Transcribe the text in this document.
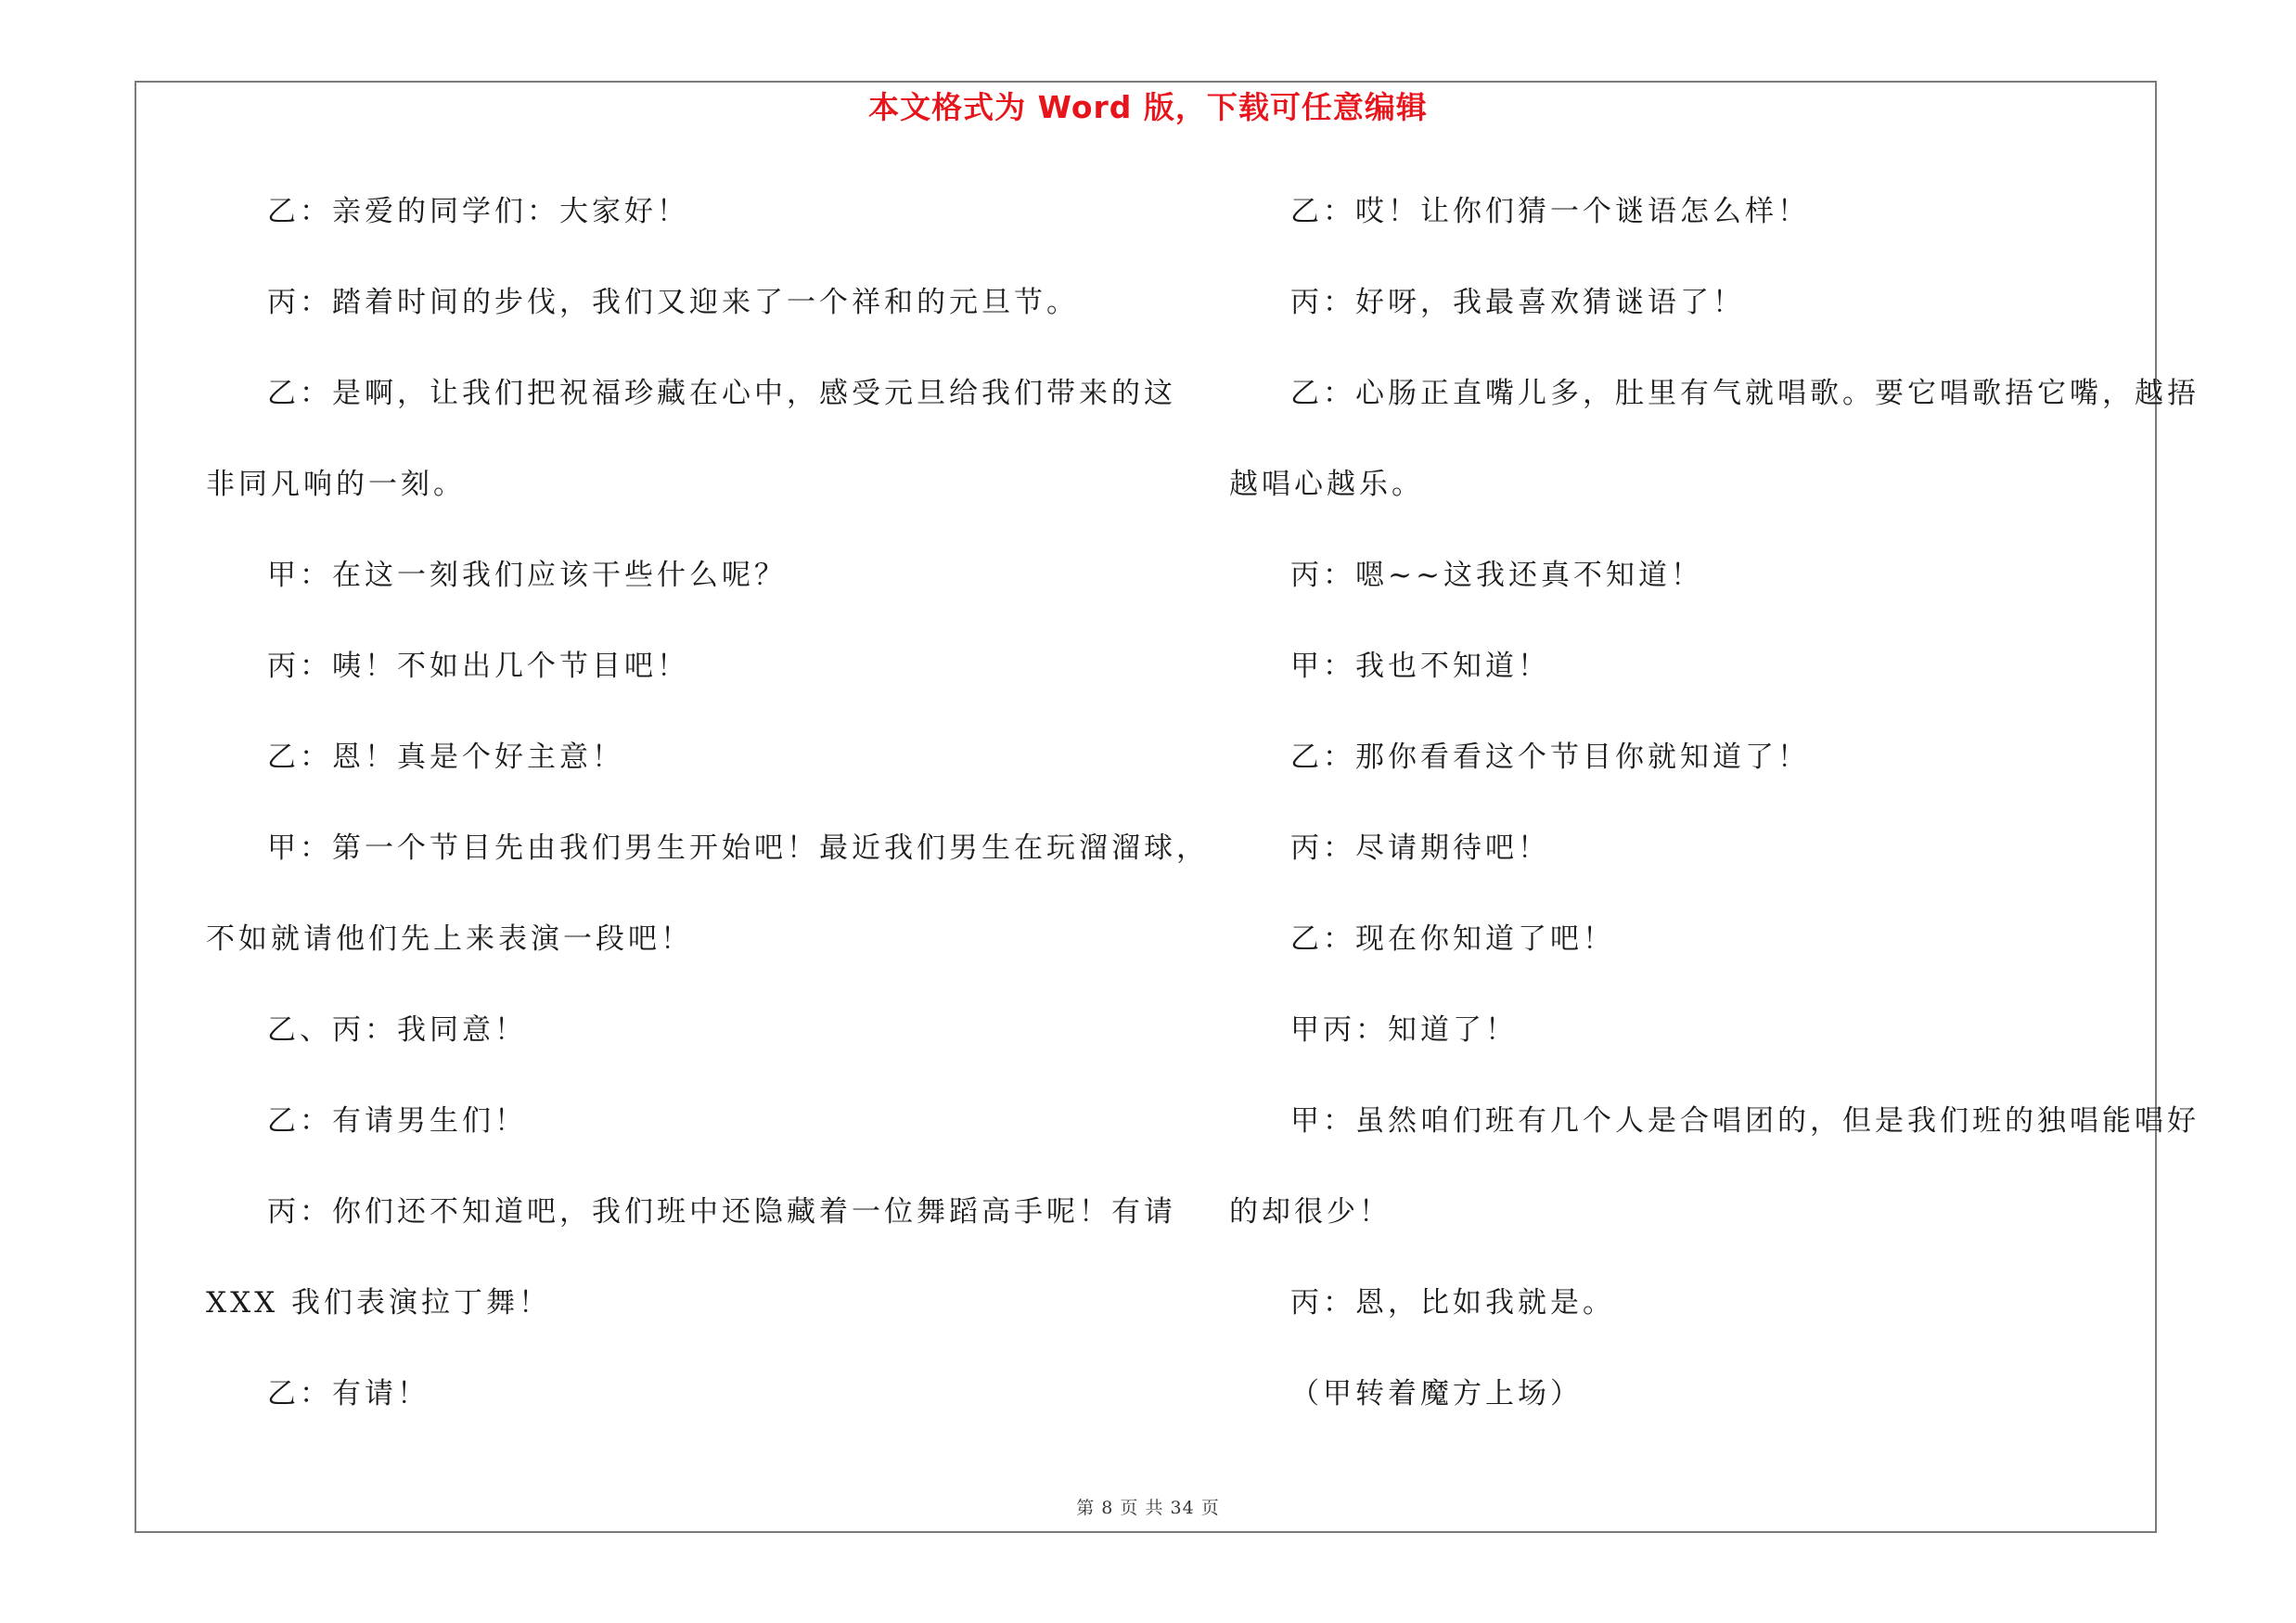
本文格式为 Word 版，下载可任意编辑
乙：亲爱的同学们：大家好！
丙：踏着时间的步伐，我们又迎来了一个祥和的元旦节。
乙：是啊，让我们把祝福珍藏在心中，感受元旦给我们带来的这
非同凡响的一刻。
甲：在这一刻我们应该干些什么呢？
丙：咦！不如出几个节目吧！
乙：恩！真是个好主意！
甲：第一个节目先由我们男生开始吧！最近我们男生在玩溜溜球，
不如就请他们先上来表演一段吧！
乙、丙：我同意！
乙：有请男生们！
丙：你们还不知道吧，我们班中还隐藏着一位舞蹈高手呢！有请
XXX 我们表演拉丁舞！
乙：有请！
乙：哎！让你们猜一个谜语怎么样！
丙：好呀，我最喜欢猜谜语了！
乙：心肠正直嘴儿多，肚里有气就唱歌。要它唱歌捂它嘴，越捂
越唱心越乐。
丙：嗯~~这我还真不知道！
甲：我也不知道！
乙：那你看看这个节目你就知道了！
丙：尽请期待吧！
乙：现在你知道了吧！
甲丙：知道了！
甲：虽然咱们班有几个人是合唱团的，但是我们班的独唱能唱好
的却很少！
丙：恩，比如我就是。
（甲转着魔方上场）
第 8 页 共 34 页
